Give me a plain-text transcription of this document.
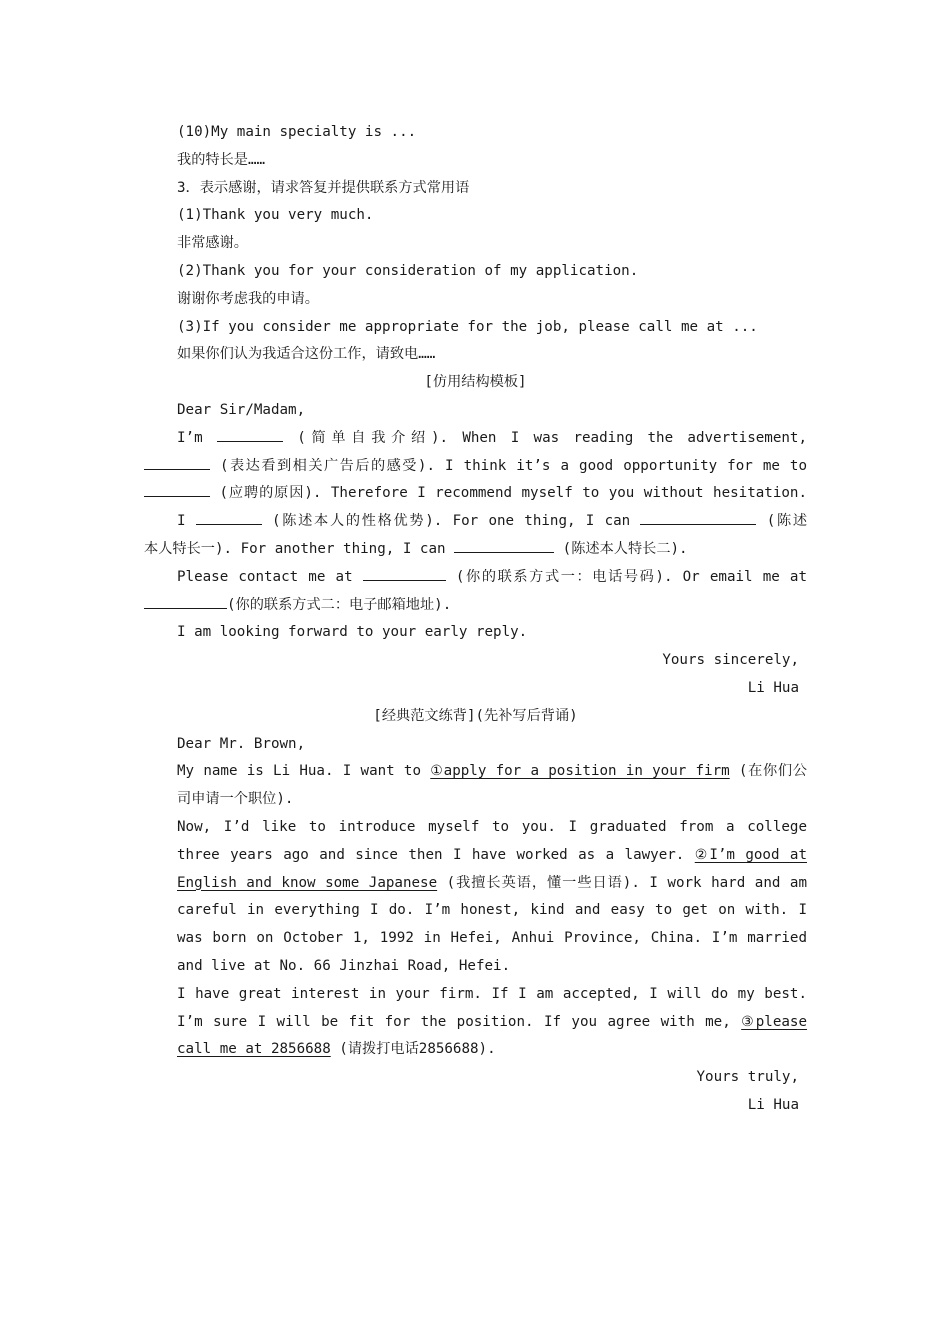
(10)My main specialty is ...
我的特长是……
3．表示感谢，请求答复并提供联系方式常用语
(1)Thank you very much.
非常感谢。
(2)Thank you for your consideration of my application.
谢谢你考虑我的申请。
(3)If you consider me appropriate for the job, please call me at ...
如果你们认为我适合这份工作，请致电……
[仿用结构模板]
Dear Sir/Madam,
I’m	(简单自我介绍). When I was reading the advertisement,
(表达看到相关广告后的感受). I think it’s a good opportunity for me to
(应聘的原因). Therefore I recommend myself to you without hesitation.
I	(陈述本人的性格优势). For one thing, I can	(陈述
本人特长一). For another thing, I can	(陈述本人特长二).
Please contact me at	(你的联系方式一：电话号码). Or email me at
(你的联系方式二：电子邮箱地址).
I am looking forward to your early reply.
Yours sincerely,
Li Hua
[经典范文练背](先补写后背诵)
Dear Mr. Brown,
My name is Li Hua. I want to ①apply for a position in your firm (在你们公司申请一个职位).
Now, I’d like to introduce myself to you. I graduated from a college three years ago and since then I have worked as a lawyer. ②I’m good at English and know some Japanese (我擅长英语，懂一些日语). I work hard and am careful in everything I do. I’m honest, kind and easy to get on with. I was born on October 1, 1992 in Hefei, Anhui Province, China. I’m married and live at No. 66 Jinzhai Road, Hefei.
I have great interest in your firm. If I am accepted, I will do my best. I’m sure I will be fit for the position. If you agree with me, ③please call me at 2856688 (请拨打电话2856688).
Yours truly,
Li Hua
